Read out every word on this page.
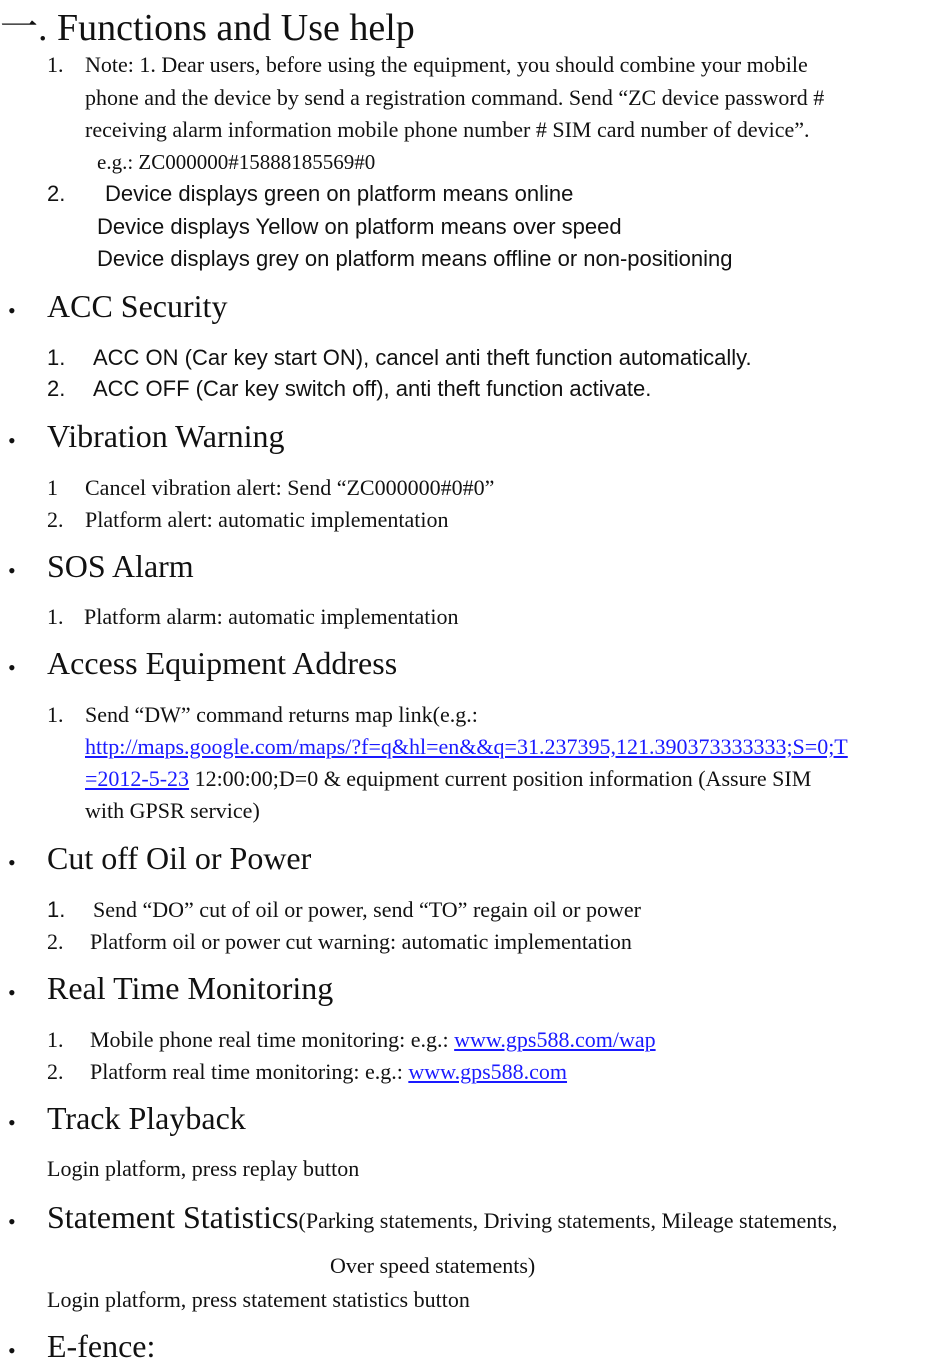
一. Functions and Use help
1. Note: 1. Dear users, before using the equipment, you should combine your mobile
phone and the device by send a registration command. Send “ZC device password #
receiving alarm information mobile phone number # SIM card number of device”.
e.g.: ZC000000#15888185569#0
2. Device displays green on platform means online
Device displays Yellow on platform means over speed
Device displays grey on platform means offline or non-positioning
• ACC Security
1. ACC ON (Car key start ON), cancel anti theft function automatically.
2. ACC OFF (Car key switch off), anti theft function activate.
• Vibration Warning
1 Cancel vibration alert: Send “ZC000000#0#0”
2. Platform alert: automatic implementation
• SOS Alarm
1. Platform alarm: automatic implementation
• Access Equipment Address
1. Send “DW” command returns map link(e.g.:
http://maps.google.com/maps/?f=q&hl=en&&q=31.237395,121.390373333333;S=0;T
=2012-5-23 12:00:00;D=0 & equipment current position information (Assure SIM
with GPSR service)
• Cut off Oil or Power
1. Send “DO” cut of oil or power, send “TO” regain oil or power
2. Platform oil or power cut warning: automatic implementation
• Real Time Monitoring
1. Mobile phone real time monitoring: e.g.: www.gps588.com/wap
2. Platform real time monitoring: e.g.: www.gps588.com
• Track Playback
Login platform, press replay button
• Statement Statistics(Parking statements, Driving statements, Mileage statements,
Over speed statements)
Login platform, press statement statistics button
• E-fence:
